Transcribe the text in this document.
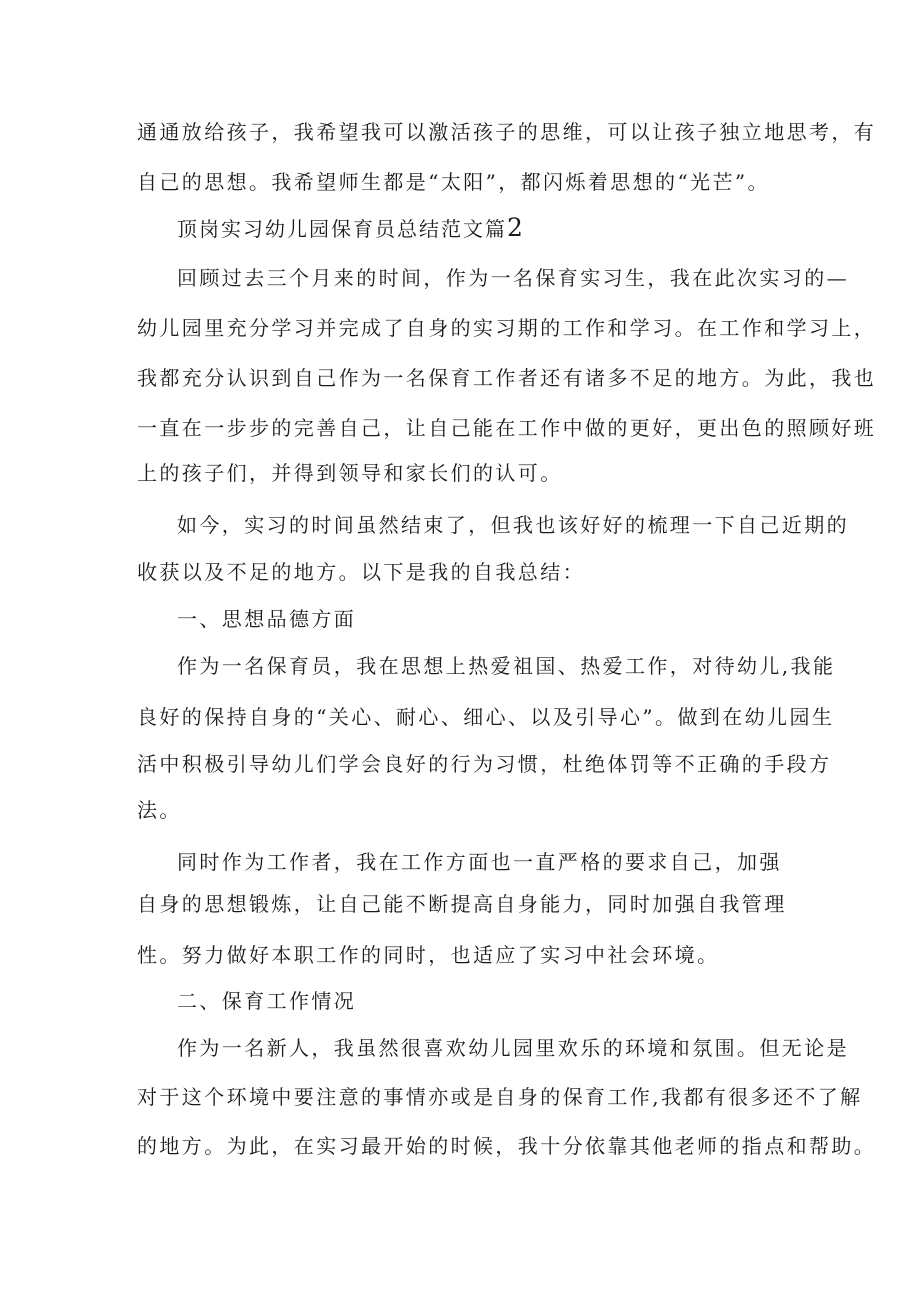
通通放给孩子，我希望我可以激活孩子的思维，可以让孩子独立地思考，有
自己的思想。我希望师生都是“太阳”，都闪烁着思想的“光芒”。
顶岗实习幼儿园保育员总结范文篇2
回顾过去三个月来的时间，作为一名保育实习生，我在此次实习的—
幼儿园里充分学习并完成了自身的实习期的工作和学习。在工作和学习上，
我都充分认识到自己作为一名保育工作者还有诸多不足的地方。为此，我也
一直在一步步的完善自己，让自己能在工作中做的更好，更出色的照顾好班
上的孩子们，并得到领导和家长们的认可。
如今，实习的时间虽然结束了，但我也该好好的梳理一下自己近期的
收获以及不足的地方。以下是我的自我总结：
一、思想品德方面
作为一名保育员，我在思想上热爱祖国、热爱工作，对待幼儿,我能
良好的保持自身的“关心、耐心、细心、以及引导心”。做到在幼儿园生
活中积极引导幼儿们学会良好的行为习惯，杜绝体罚等不正确的手段方
法。
同时作为工作者，我在工作方面也一直严格的要求自己，加强
自身的思想锻炼，让自己能不断提高自身能力，同时加强自我管理
性。努力做好本职工作的同时，也适应了实习中社会环境。
二、保育工作情况
作为一名新人，我虽然很喜欢幼儿园里欢乐的环境和氛围。但无论是
对于这个环境中要注意的事情亦或是自身的保育工作,我都有很多还不了解
的地方。为此，在实习最开始的时候，我十分依靠其他老师的指点和帮助。
